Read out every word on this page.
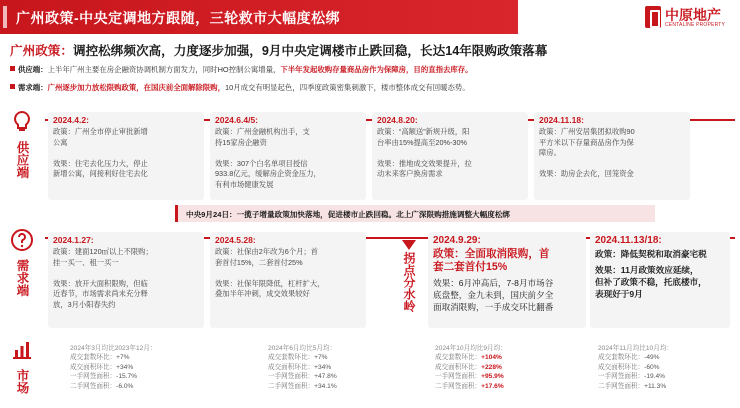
广州政策-中央定调地方跟随，三轮救市大幅度松绑	中原地产
CENTALINE PROPERTY
广州政策：调控松绑频次高，力度逐步加强，9月中央定调楼市止跌回稳，长达14年限购政策落幕
供应端：上半年广州主要在房企融资协调机制方面发力，同时HO控制公寓增量，下半年发起收购存量商品房作为保障房，目的直指去库存。
需求端：广州逐步加力放松限购政策，在国庆前全面解除限购，10月成交有明显起色，四季度政策密集刺激下，楼市整体成交有回暖态势。
供应端
2024.4.2:
政策：广州全市停止审批新增
公寓

效果：住宅去化压力大，停止
新增公寓，间接利好住宅去化
2024.6.4/5:
政策：广州金融机构出手，支
持15家房企融资

效果：307个白名单项目授信
933.8亿元，缓解房企资金压力，
有利市场健康发展
2024.8.20:
政策：“高额送”新规升级，阳
台率由15%提高至20%-30%

效果：推地成交效果提升，拉
动未来客户换房需求
2024.11.18:
政策：广州安居集团拟收购90
平方米以下存量商品房作为保
障房。

效果：助房企去化，回笼资金
中央9月24日：一揽子增量政策加快落地，促进楼市止跌回稳。北上广深限购措施调整大幅度松绑
需求端
2024.1.27:
政策：建面120㎡以上不限购；
挂一买一、租一买一

效果：放开大面积限购，但临
近春节，市场需求尚未充分释
放，3月小阳春失约
2024.5.28:
政策：社保由2年改为6个月；首
套首付15%，二套首付25%

效果：社保年限降低，杠杆扩大，
叠加半年冲刺，成交效果较好	拐点分水岭
2024.9.29:
政策：全面取消限购，首
套二套首付15%
效果：6月冲高后，7-8月市场谷
底盘整，金九未到，国庆前夕全
面取消限购，一手成交环比翻番
2024.11.13/18:
政策：降低契税和取消豪宅税
效果：11月政策效应延续，
但补了政策不稳，托底楼市，
表现好于9月
市场
2024年3月均比2023年12月：
成交套数环比：+7%
成交面积环比：+34%
一手网签面积：-15.7%
二手网签面积：-6.0%
2024年6月均比5月均：
成交套数环比：+7%
成交面积环比：+34%
一手网签面积：+47.8%
二手网签面积：+34.1%
2024年10月均比9月均：
成交套数环比：+104%
成交面积环比：+228%
一手网签面积：+95.9%
二手网签面积：+17.6%
2024年11月均比10月均：
成交套数环比：-49%
成交面积环比：-60%
一手网签面积：-19.4%
二手网签面积：+11.3%
